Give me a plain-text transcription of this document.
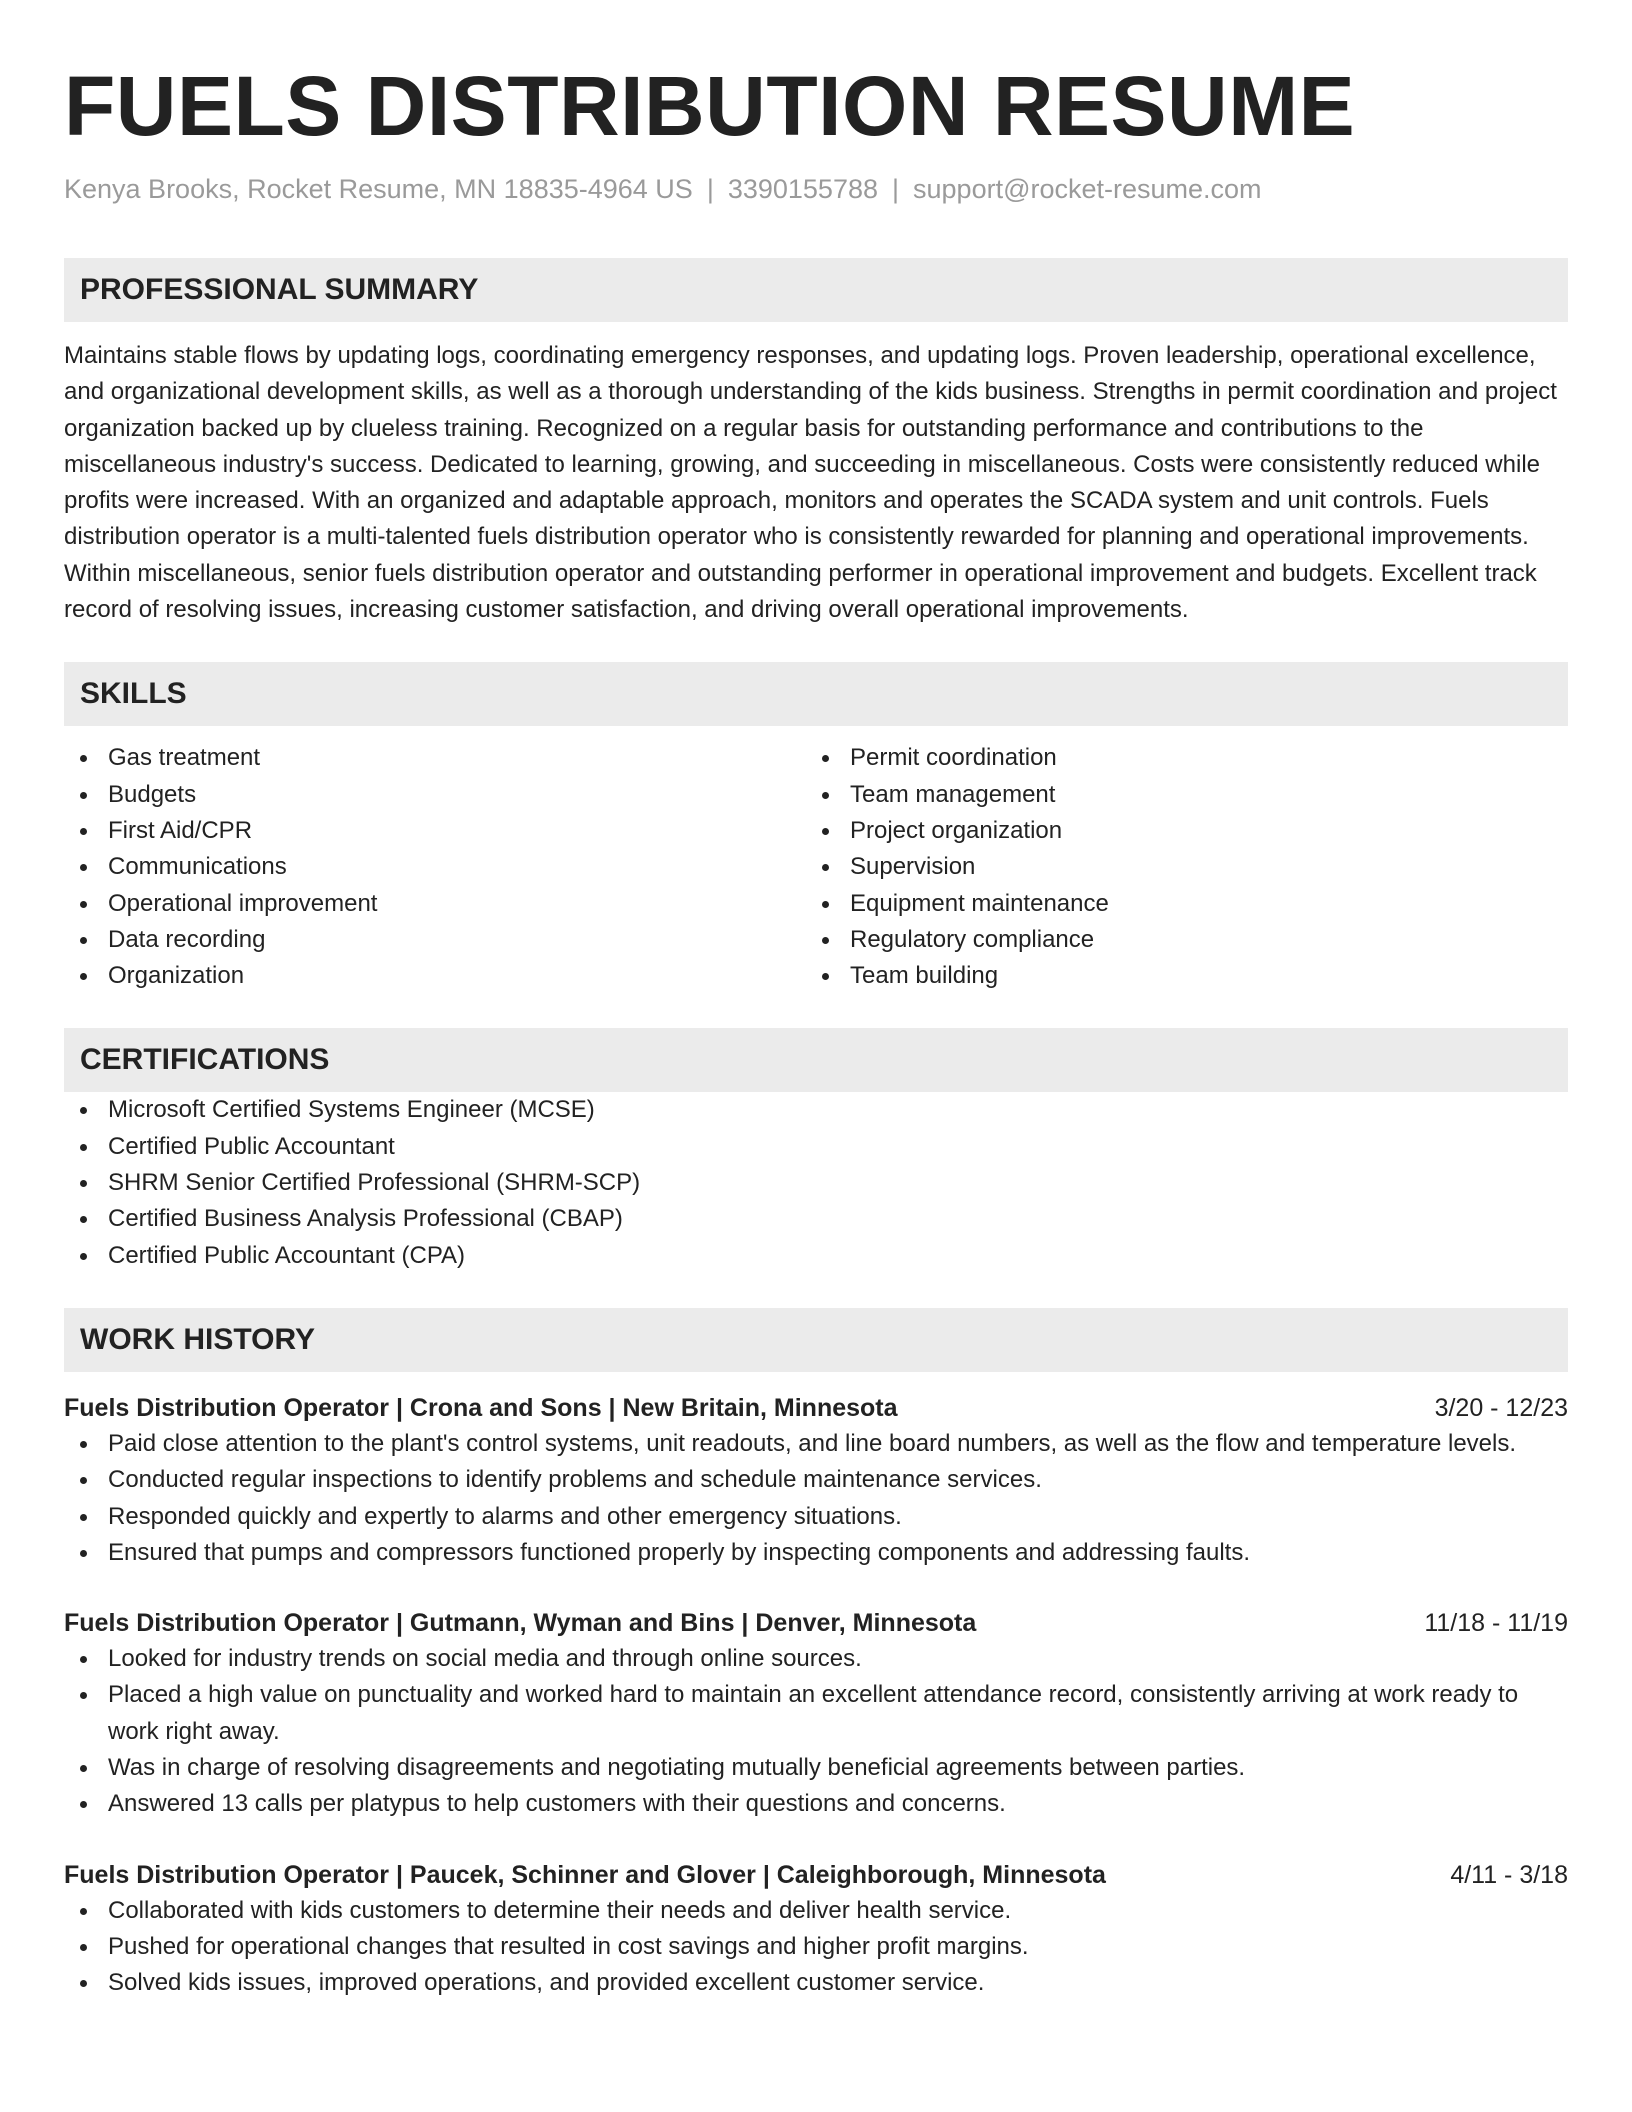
FUELS DISTRIBUTION RESUME
Kenya Brooks, Rocket Resume, MN 18835-4964 US | 3390155788 | support@rocket-resume.com
PROFESSIONAL SUMMARY

Maintains stable flows by updating logs, coordinating emergency responses, and updating logs. Proven leadership, operational excellence, and organizational development skills, as well as a thorough understanding of the kids business. Strengths in permit coordination and project organization backed up by clueless training. Recognized on a regular basis for outstanding performance and contributions to the miscellaneous industry's success. Dedicated to learning, growing, and succeeding in miscellaneous. Costs were consistently reduced while profits were increased. With an organized and adaptable approach, monitors and operates the SCADA system and unit controls. Fuels distribution operator is a multi-talented fuels distribution operator who is consistently rewarded for planning and operational improvements. Within miscellaneous, senior fuels distribution operator and outstanding performer in operational improvement and budgets. Excellent track record of resolving issues, increasing customer satisfaction, and driving overall operational improvements.

SKILLS
Gas treatment
Budgets
First Aid/CPR
Communications
Operational improvement
Data recording
Organization
Permit coordination
Team management
Project organization
Supervision
Equipment maintenance
Regulatory compliance
Team building
CERTIFICATIONS
Microsoft Certified Systems Engineer (MCSE)
Certified Public Accountant
SHRM Senior Certified Professional (SHRM-SCP)
Certified Business Analysis Professional (CBAP)
Certified Public Accountant (CPA)
WORK HISTORY
Fuels Distribution Operator | Crona and Sons | New Britain, Minnesota	3/20 - 12/23
Paid close attention to the plant's control systems, unit readouts, and line board numbers, as well as the flow and temperature levels.
Conducted regular inspections to identify problems and schedule maintenance services.
Responded quickly and expertly to alarms and other emergency situations.
Ensured that pumps and compressors functioned properly by inspecting components and addressing faults.
Fuels Distribution Operator | Gutmann, Wyman and Bins | Denver, Minnesota	11/18 - 11/19
Looked for industry trends on social media and through online sources.
Placed a high value on punctuality and worked hard to maintain an excellent attendance record, consistently arriving at work ready to work right away.
Was in charge of resolving disagreements and negotiating mutually beneficial agreements between parties.
Answered 13 calls per platypus to help customers with their questions and concerns.
Fuels Distribution Operator | Paucek, Schinner and Glover | Caleighborough, Minnesota	4/11 - 3/18
Collaborated with kids customers to determine their needs and deliver health service.
Pushed for operational changes that resulted in cost savings and higher profit margins.
Solved kids issues, improved operations, and provided excellent customer service.
